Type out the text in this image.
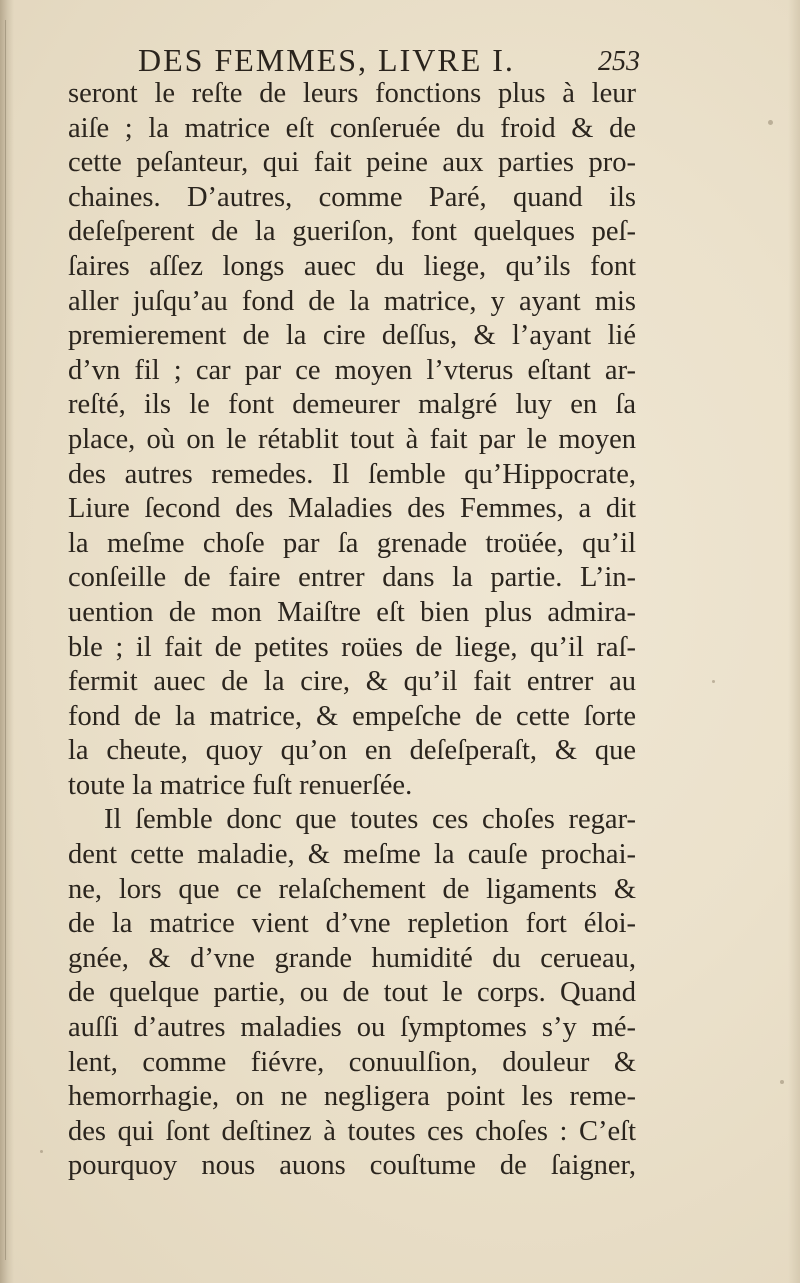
DES FEMMES, LIVRE I.	253
seront le reſte de leurs fonctions plus à leur
aiſe ; la matrice eſt conſeruée du froid & de
cette peſanteur, qui fait peine aux parties pro-
chaines. D’autres, comme Paré, quand ils
deſeſperent de la gueriſon, font quelques peſ-
ſaires aſſez longs auec du liege, qu’ils font
aller juſqu’au fond de la matrice, y ayant mis
premierement de la cire deſſus, & l’ayant lié
d’vn fil ; car par ce moyen l’vterus eſtant ar-
reſté, ils le font demeurer malgré luy en ſa
place, où on le rétablit tout à fait par le moyen
des autres remedes. Il ſemble qu’Hippocrate,
Liure ſecond des Maladies des Femmes, a dit
la meſme choſe par ſa grenade troüée, qu’il
conſeille de faire entrer dans la partie. L’in-
uention de mon Maiſtre eſt bien plus admira-
ble ; il fait de petites roües de liege, qu’il raſ-
fermit auec de la cire, & qu’il fait entrer au
fond de la matrice, & empeſche de cette ſorte
la cheute, quoy qu’on en deſeſperaſt, & que
toute la matrice fuſt renuerſée.
Il ſemble donc que toutes ces choſes regar-
dent cette maladie, & meſme la cauſe prochai-
ne, lors que ce relaſchement de ligaments &
de la matrice vient d’vne repletion fort éloi-
gnée, & d’vne grande humidité du cerueau,
de quelque partie, ou de tout le corps. Quand
auſſi d’autres maladies ou ſymptomes s’y mé-
lent, comme fiévre, conuulſion, douleur &
hemorrhagie, on ne negligera point les reme-
des qui ſont deſtinez à toutes ces choſes : C’eſt
pourquoy nous auons couſtume de ſaigner,
